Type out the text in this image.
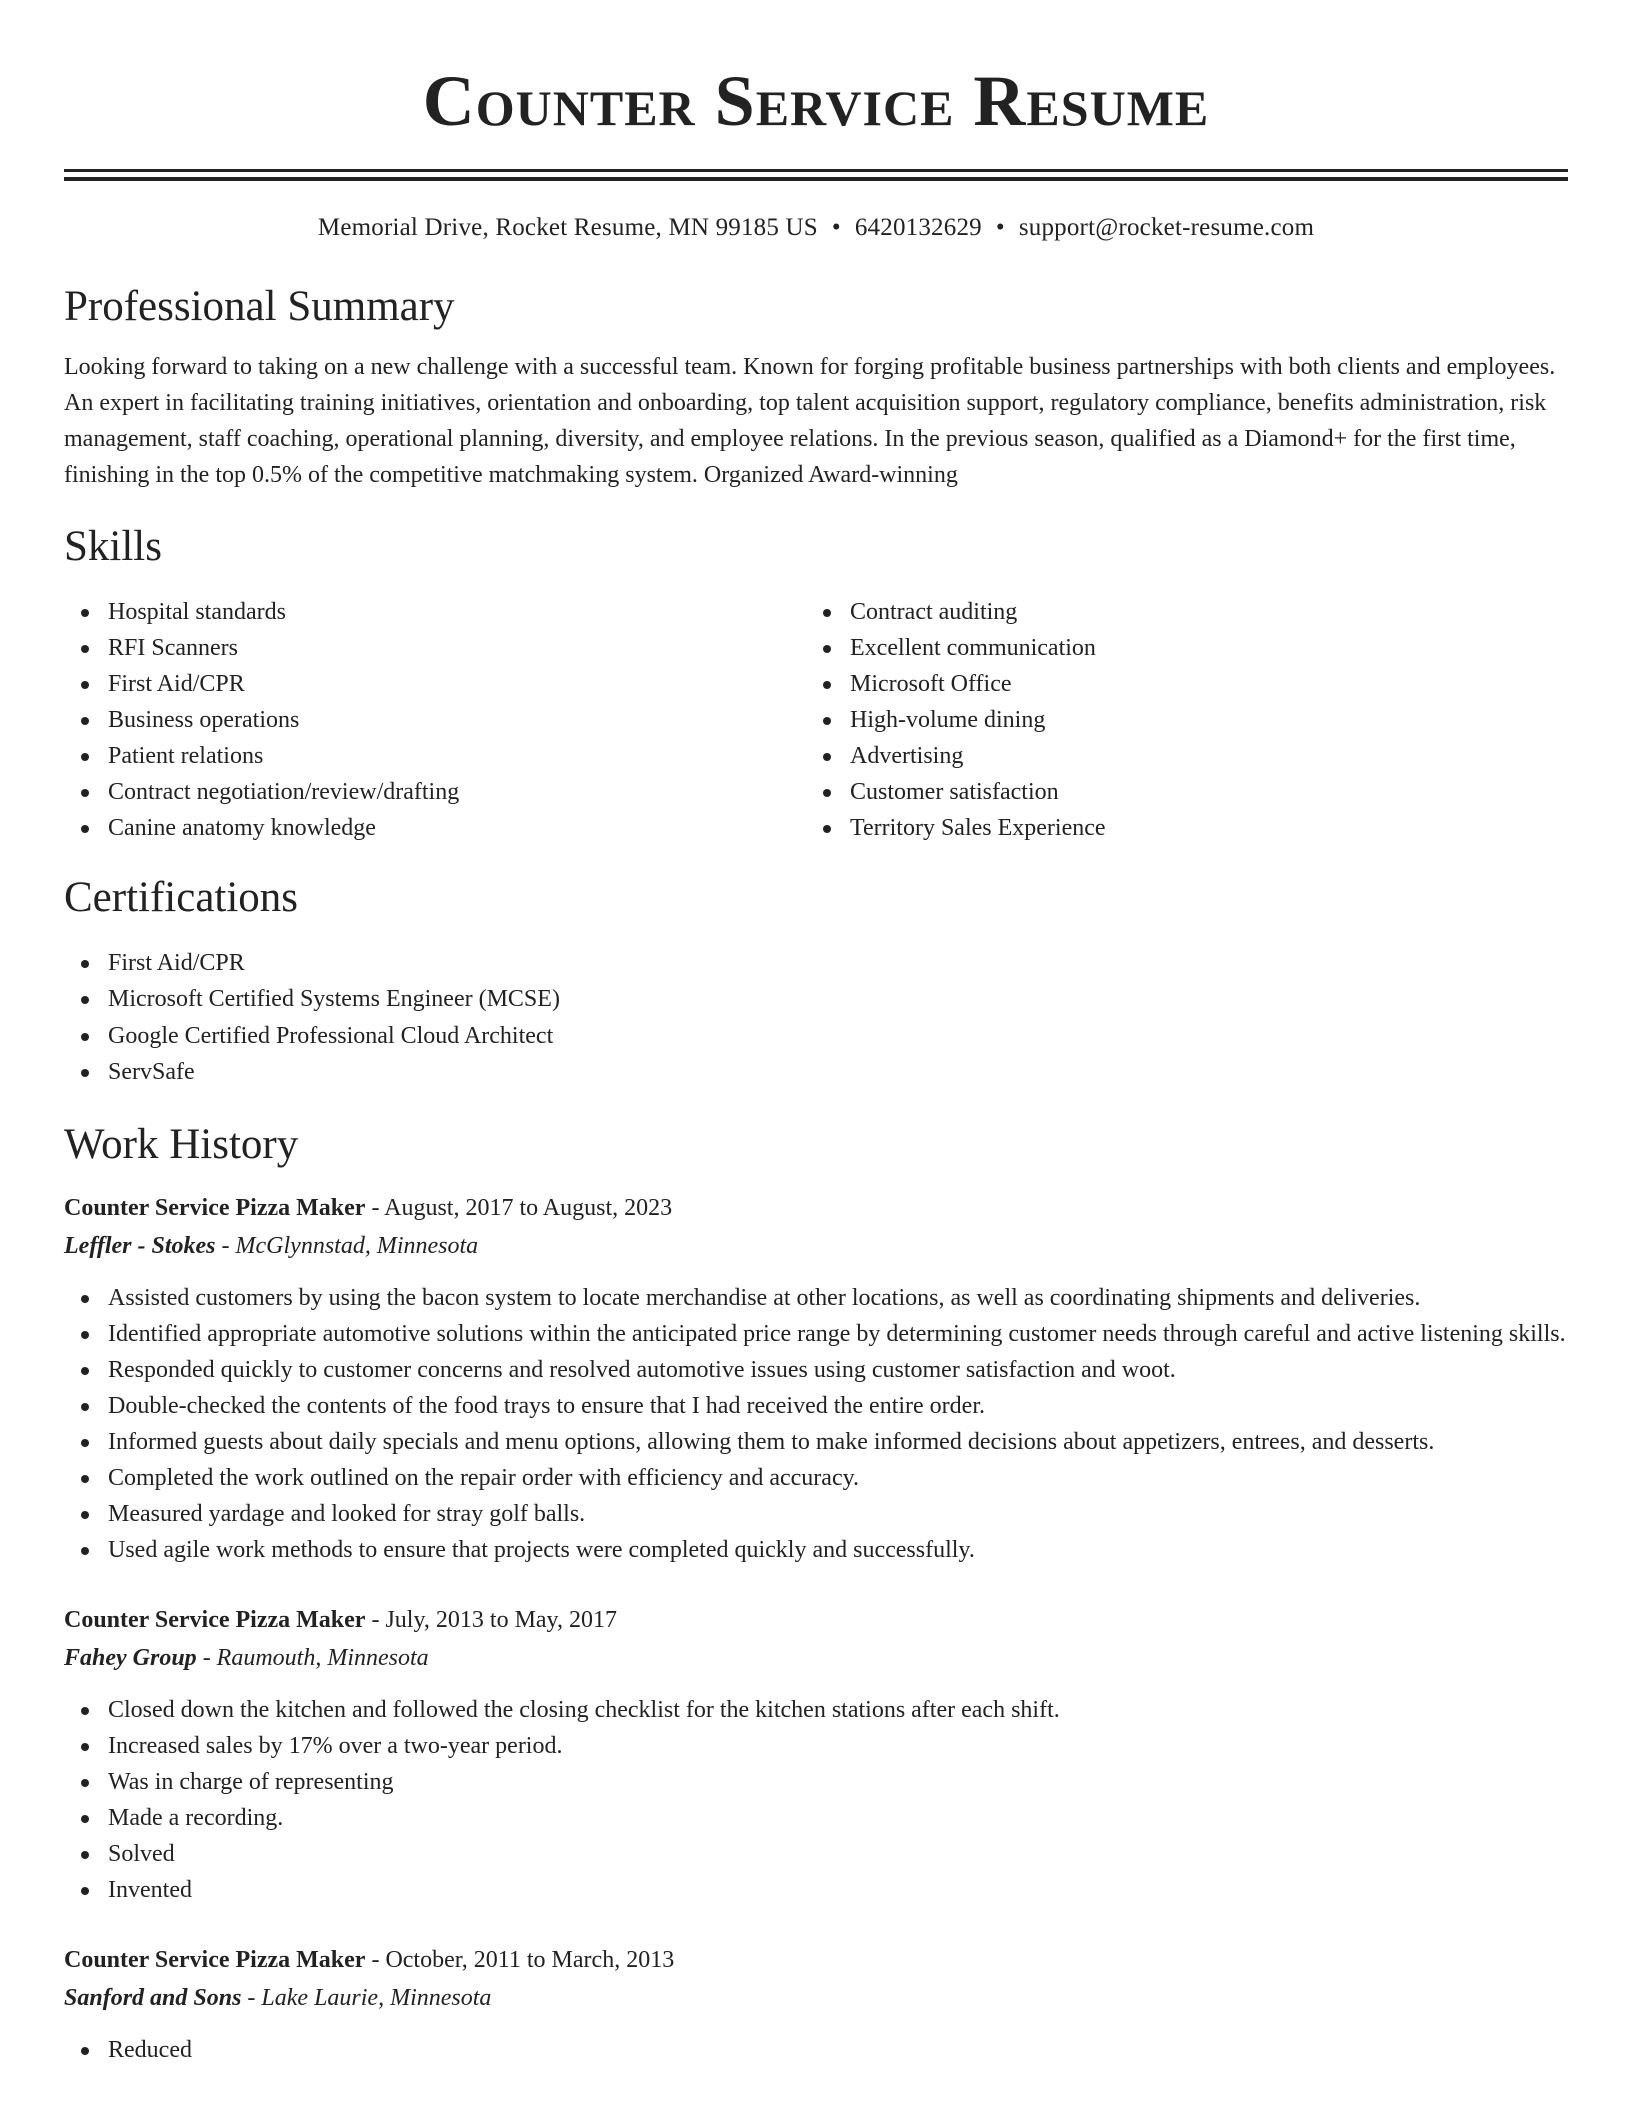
Counter Service Resume
Memorial Drive, Rocket Resume, MN 99185 US • 6420132629 • support@rocket-resume.com
Professional Summary

Looking forward to taking on a new challenge with a successful team. Known for forging profitable business partnerships with both clients and employees. An expert in facilitating training initiatives, orientation and onboarding, top talent acquisition support, regulatory compliance, benefits administration, risk management, staff coaching, operational planning, diversity, and employee relations. In the previous season, qualified as a Diamond+ for the first time, finishing in the top 0.5% of the competitive matchmaking system. Organized Award-winning

Skills
Hospital standards
RFI Scanners
First Aid/CPR
Business operations
Patient relations
Contract negotiation/review/drafting
Canine anatomy knowledge
Contract auditing
Excellent communication
Microsoft Office
High-volume dining
Advertising
Customer satisfaction
Territory Sales Experience
Certifications
First Aid/CPR
Microsoft Certified Systems Engineer (MCSE)
Google Certified Professional Cloud Architect
ServSafe
Work History
Counter Service Pizza Maker - August, 2017 to August, 2023
Leffler - Stokes - McGlynnstad, Minnesota
Assisted customers by using the bacon system to locate merchandise at other locations, as well as coordinating shipments and deliveries.
Identified appropriate automotive solutions within the anticipated price range by determining customer needs through careful and active listening skills.
Responded quickly to customer concerns and resolved automotive issues using customer satisfaction and woot.
Double-checked the contents of the food trays to ensure that I had received the entire order.
Informed guests about daily specials and menu options, allowing them to make informed decisions about appetizers, entrees, and desserts.
Completed the work outlined on the repair order with efficiency and accuracy.
Measured yardage and looked for stray golf balls.
Used agile work methods to ensure that projects were completed quickly and successfully.
Counter Service Pizza Maker - July, 2013 to May, 2017
Fahey Group - Raumouth, Minnesota
Closed down the kitchen and followed the closing checklist for the kitchen stations after each shift.
Increased sales by 17% over a two-year period.
Was in charge of representing
Made a recording.
Solved
Invented
Counter Service Pizza Maker - October, 2011 to March, 2013
Sanford and Sons - Lake Laurie, Minnesota
Reduced
